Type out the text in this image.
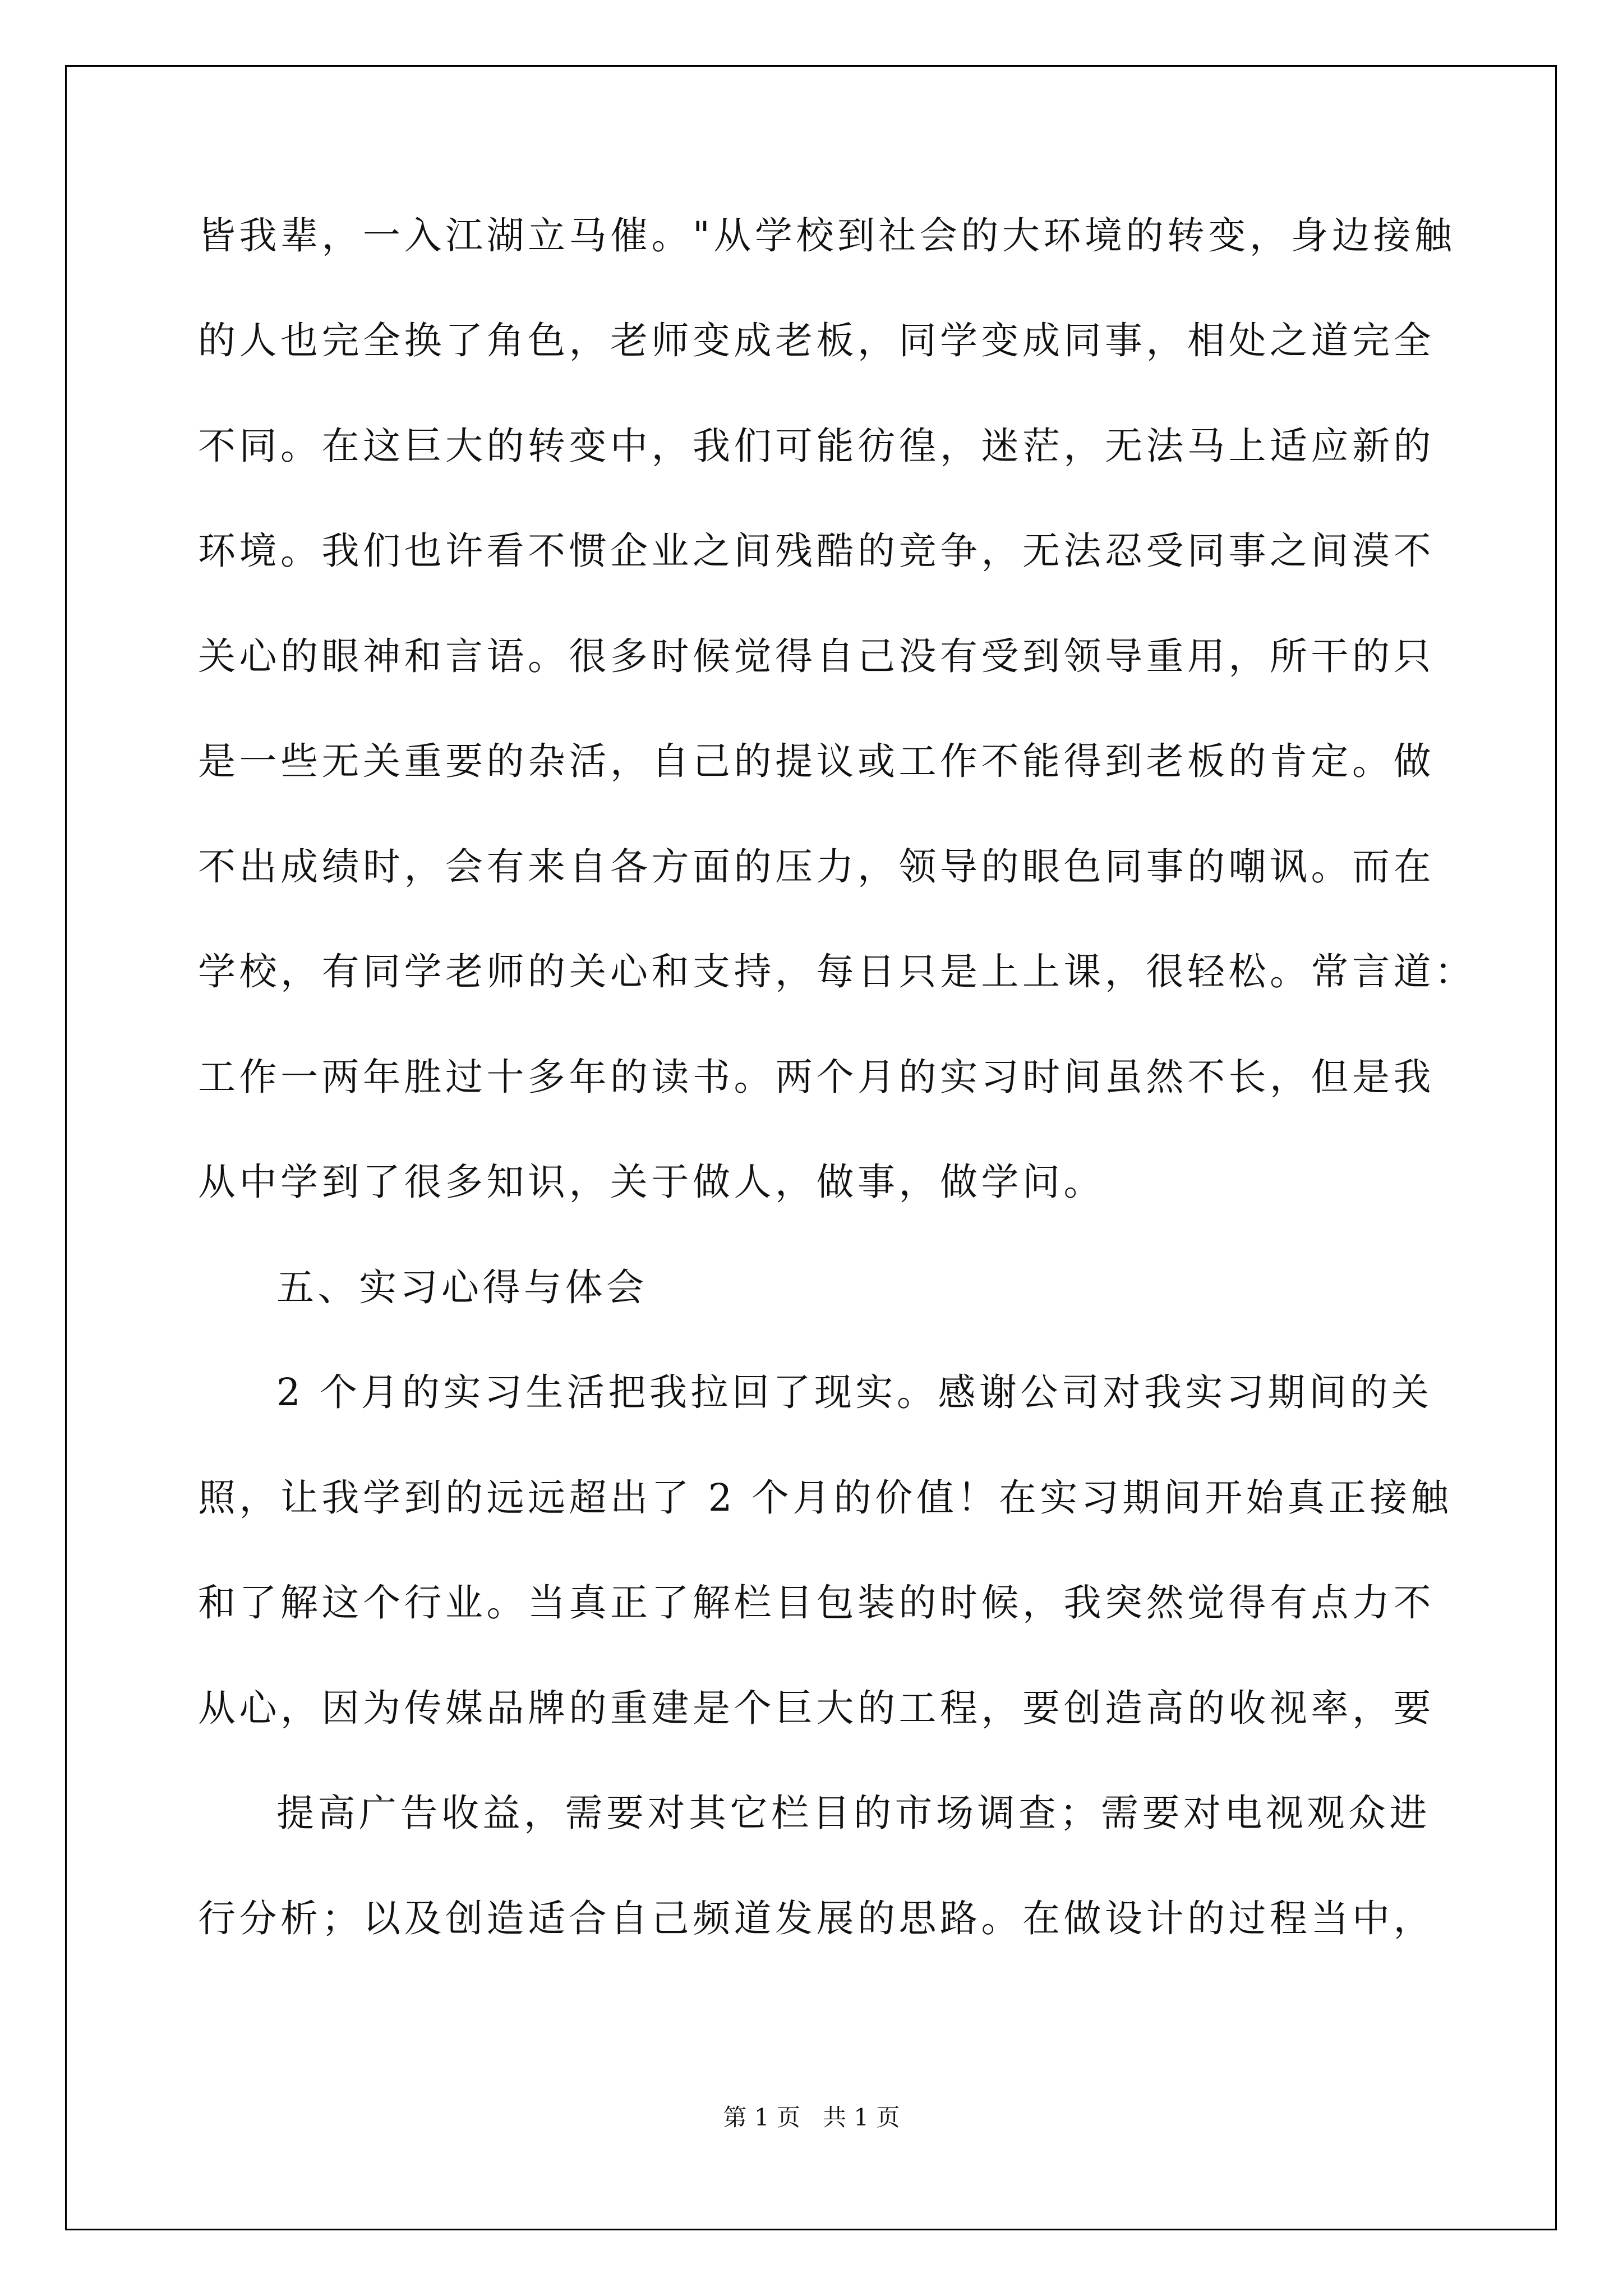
皆我辈，一入江湖立马催。"从学校到社会的大环境的转变，身边接触
的人也完全换了角色，老师变成老板，同学变成同事，相处之道完全
不同。在这巨大的转变中，我们可能彷徨，迷茫，无法马上适应新的
环境。我们也许看不惯企业之间残酷的竞争，无法忍受同事之间漠不
关心的眼神和言语。很多时候觉得自己没有受到领导重用，所干的只
是一些无关重要的杂活，自己的提议或工作不能得到老板的肯定。做
不出成绩时，会有来自各方面的压力，领导的眼色同事的嘲讽。而在
学校，有同学老师的关心和支持，每日只是上上课，很轻松。常言道：
工作一两年胜过十多年的读书。两个月的实习时间虽然不长，但是我
从中学到了很多知识，关于做人，做事，做学问。
五、实习心得与体会
2 个月的实习生活把我拉回了现实。感谢公司对我实习期间的关
照，让我学到的远远超出了 2 个月的价值！在实习期间开始真正接触
和了解这个行业。当真正了解栏目包装的时候，我突然觉得有点力不
从心，因为传媒品牌的重建是个巨大的工程，要创造高的收视率，要
提高广告收益，需要对其它栏目的市场调查；需要对电视观众进
行分析；以及创造适合自己频道发展的思路。在做设计的过程当中，
第 1 页   共 1 页
